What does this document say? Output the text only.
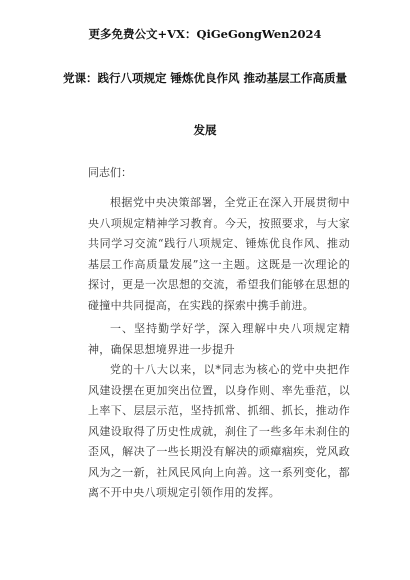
更多免费公文+VX：QiGeGongWen2024
党课：践行八项规定 锤炼优良作风 推动基层工作高质量
发展
同志们：
根据党中央决策部署，全党正在深入开展贯彻中央八项规定精神学习教育。今天，按照要求，与大家共同学习交流“践行八项规定、锤炼优良作风、推动基层工作高质量发展”这一主题。这既是一次理论的探讨，更是一次思想的交流，希望我们能够在思想的碰撞中共同提高，在实践的探索中携手前进。
一、坚持勤学好学，深入理解中央八项规定精神，确保思想境界进一步提升
党的十八大以来，以*同志为核心的党中央把作风建设摆在更加突出位置，以身作则、率先垂范，以上率下、层层示范，坚持抓常、抓细、抓长，推动作风建设取得了历史性成就，刹住了一些多年未刹住的歪风，解决了一些长期没有解决的顽瘴痼疾，党风政风为之一新，社风民风向上向善。这一系列变化，都离不开中央八项规定引领作用的发挥。
